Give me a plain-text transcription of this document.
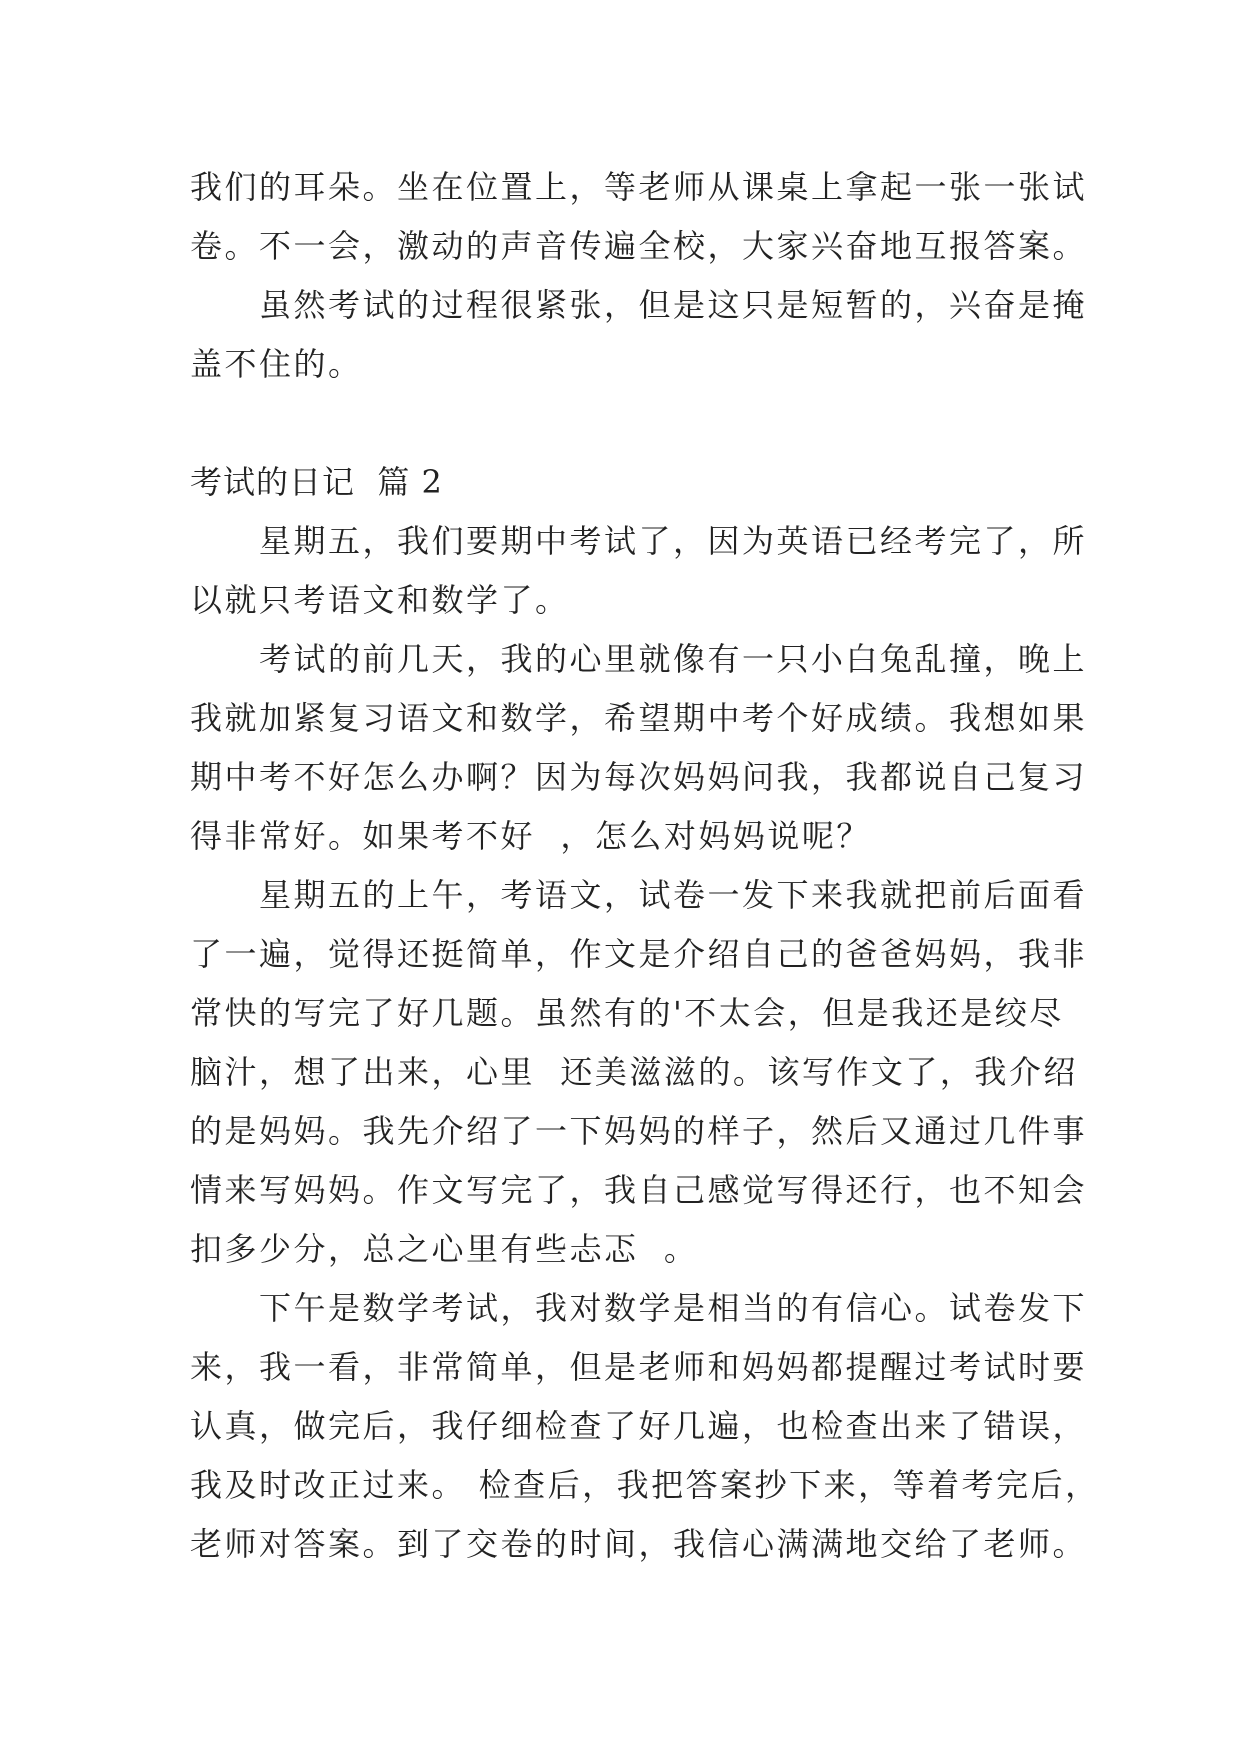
我们的耳朵。坐在位置上，等老师从课桌上拿起一张一张试
卷。不一会，激动的声音传遍全校，大家兴奋地互报答案。
　　虽然考试的过程很紧张，但是这只是短暂的，兴奋是掩
盖不住的。
考试的日记  篇 2
　　星期五，我们要期中考试了，因为英语已经考完了，所
以就只考语文和数学了。
　　考试的前几天，我的心里就像有一只小白兔乱撞，晚上
我就加紧复习语文和数学，希望期中考个好成绩。我想如果
期中考不好怎么办啊？因为每次妈妈问我，我都说自己复习
得非常好。如果考不好  ，怎么对妈妈说呢？
　　星期五的上午，考语文，试卷一发下来我就把前后面看
了一遍，觉得还挺简单，作文是介绍自己的爸爸妈妈，我非
常快的写完了好几题。虽然有的'不太会，但是我还是绞尽
脑汁，想了出来，心里  还美滋滋的。该写作文了，我介绍
的是妈妈。我先介绍了一下妈妈的样子，然后又通过几件事
情来写妈妈。作文写完了，我自己感觉写得还行，也不知会
扣多少分，总之心里有些忐忑  。
　　下午是数学考试，我对数学是相当的有信心。试卷发下
来，我一看，非常简单，但是老师和妈妈都提醒过考试时要
认真，做完后，我仔细检查了好几遍，也检查出来了错误，
我及时改正过来。 检查后，我把答案抄下来，等着考完后，
老师对答案。到了交卷的时间，我信心满满地交给了老师。
